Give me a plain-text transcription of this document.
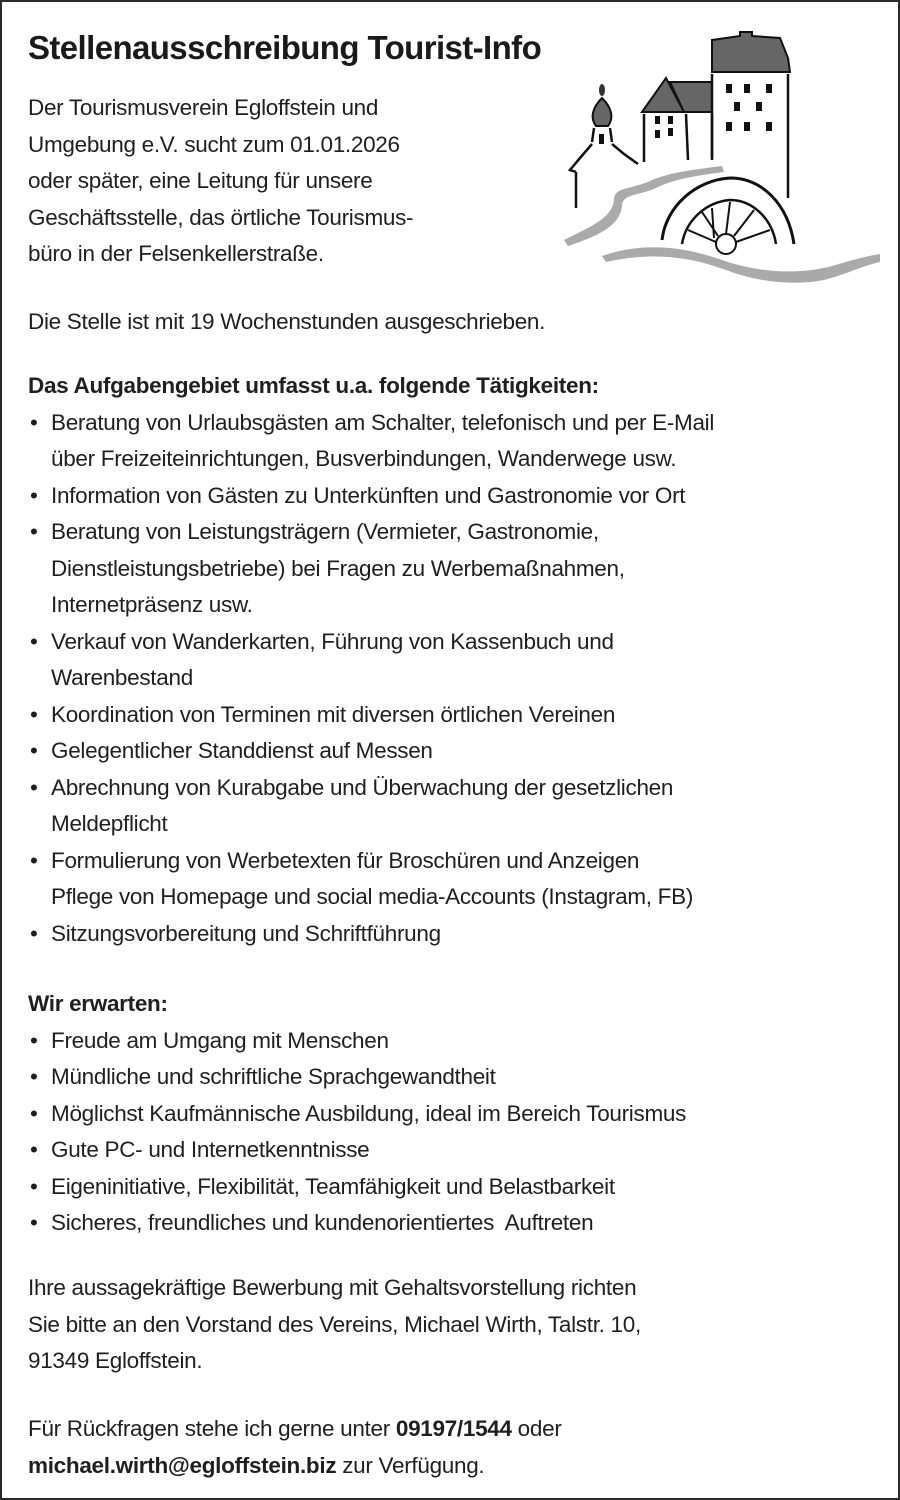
Stellenausschreibung Tourist-Info
Der Tourismusverein Egloffstein und
Umgebung e.V. sucht zum 01.01.2026
oder später, eine Leitung für unsere
Geschäftsstelle, das örtliche Tourismus-
büro in der Felsenkellerstraße.
Die Stelle ist mit 19 Wochenstunden ausgeschrieben.
Das Aufgabengebiet umfasst u.a. folgende Tätigkeiten:
• Beratung von Urlaubsgästen am Schalter, telefonisch und per E-Mail
über Freizeiteinrichtungen, Busverbindungen, Wanderwege usw.
• Information von Gästen zu Unterkünften und Gastronomie vor Ort
• Beratung von Leistungsträgern (Vermieter, Gastronomie,
Dienstleistungsbetriebe) bei Fragen zu Werbemaßnahmen,
Internetpräsenz usw.
• Verkauf von Wanderkarten, Führung von Kassenbuch und
Warenbestand
• Koordination von Terminen mit diversen örtlichen Vereinen
• Gelegentlicher Standdienst auf Messen
• Abrechnung von Kurabgabe und Überwachung der gesetzlichen
Meldepflicht
• Formulierung von Werbetexten für Broschüren und Anzeigen
Pflege von Homepage und social media-Accounts (Instagram, FB)
• Sitzungsvorbereitung und Schriftführung
Wir erwarten:
• Freude am Umgang mit Menschen
• Mündliche und schriftliche Sprachgewandtheit
• Möglichst Kaufmännische Ausbildung, ideal im Bereich Tourismus
• Gute PC- und Internetkenntnisse
• Eigeninitiative, Flexibilität, Teamfähigkeit und Belastbarkeit
• Sicheres, freundliches und kundenorientiertes  Auftreten
Ihre aussagekräftige Bewerbung mit Gehaltsvorstellung richten
Sie bitte an den Vorstand des Vereins, Michael Wirth, Talstr. 10,
91349 Egloffstein.
Für Rückfragen stehe ich gerne unter 09197/1544 oder
michael.wirth@egloffstein.biz zur Verfügung.
